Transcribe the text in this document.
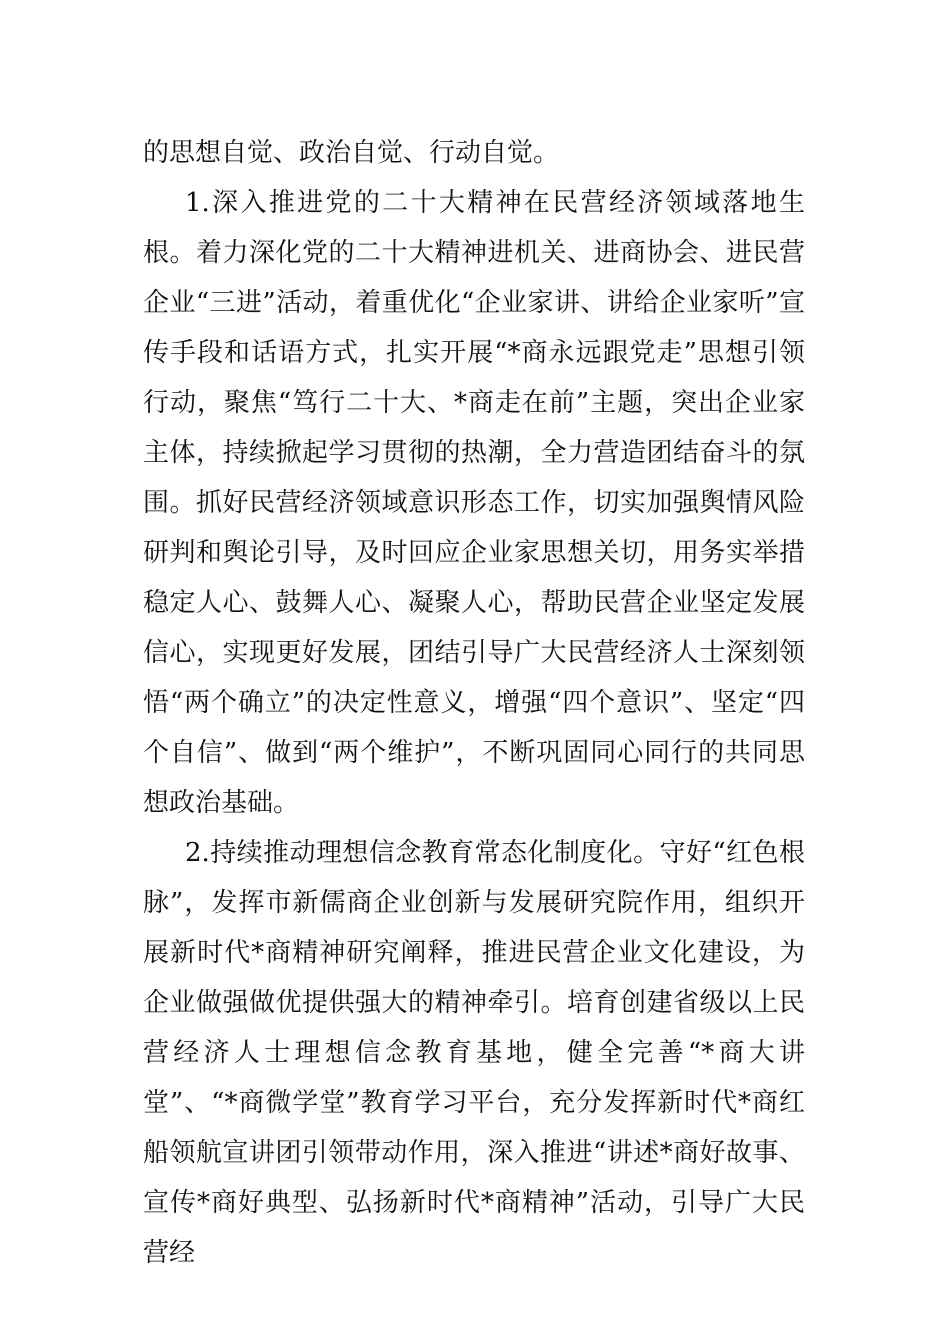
的思想自觉、政治自觉、行动自觉。

1.深入推进党的二十大精神在民营经济领域落地生根。着力深化党的二十大精神进机关、进商协会、进民营企业“三进”活动，着重优化“企业家讲、讲给企业家听”宣传手段和话语方式，扎实开展“*商永远跟党走”思想引领行动，聚焦“笃行二十大、*商走在前”主题，突出企业家主体，持续掀起学习贯彻的热潮，全力营造团结奋斗的氛围。抓好民营经济领域意识形态工作，切实加强舆情风险研判和舆论引导，及时回应企业家思想关切，用务实举措稳定人心、鼓舞人心、凝聚人心，帮助民营企业坚定发展信心，实现更好发展，团结引导广大民营经济人士深刻领悟“两个确立”的决定性意义，增强“四个意识”、坚定“四个自信”、做到“两个维护”，不断巩固同心同行的共同思想政治基础。

2.持续推动理想信念教育常态化制度化。守好“红色根脉”，发挥市新儒商企业创新与发展研究院作用，组织开展新时代*商精神研究阐释，推进民营企业文化建设，为企业做强做优提供强大的精神牵引。培育创建省级以上民营经济人士理想信念教育基地，健全完善“*商大讲堂”、“*商微学堂”教育学习平台，充分发挥新时代*商红船领航宣讲团引领带动作用，深入推进“讲述*商好故事、宣传*商好典型、弘扬新时代*商精神”活动，引导广大民营经
